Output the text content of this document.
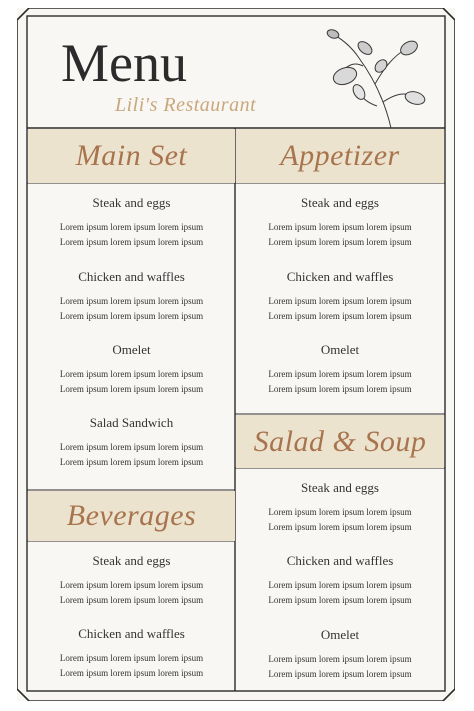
Menu
Lili's Restaurant
Main Set	Appetizer
Beverages
Salad & Soup
Steak and eggs
Lorem ipsum lorem ipsum lorem ipsum
Lorem ipsum lorem ipsum lorem ipsum
Chicken and waffles
Lorem ipsum lorem ipsum lorem ipsum
Lorem ipsum lorem ipsum lorem ipsum
Omelet
Lorem ipsum lorem ipsum lorem ipsum
Lorem ipsum lorem ipsum lorem ipsum
Salad Sandwich
Lorem ipsum lorem ipsum lorem ipsum
Lorem ipsum lorem ipsum lorem ipsum
Steak and eggs
Lorem ipsum lorem ipsum lorem ipsum
Lorem ipsum lorem ipsum lorem ipsum
Chicken and waffles
Lorem ipsum lorem ipsum lorem ipsum
Lorem ipsum lorem ipsum lorem ipsum
Omelet
Lorem ipsum lorem ipsum lorem ipsum
Lorem ipsum lorem ipsum lorem ipsum
Steak and eggs
Lorem ipsum lorem ipsum lorem ipsum
Lorem ipsum lorem ipsum lorem ipsum
Chicken and waffles
Lorem ipsum lorem ipsum lorem ipsum
Lorem ipsum lorem ipsum lorem ipsum
Steak and eggs
Lorem ipsum lorem ipsum lorem ipsum
Lorem ipsum lorem ipsum lorem ipsum
Chicken and waffles
Lorem ipsum lorem ipsum lorem ipsum
Lorem ipsum lorem ipsum lorem ipsum
Omelet
Lorem ipsum lorem ipsum lorem ipsum
Lorem ipsum lorem ipsum lorem ipsum
